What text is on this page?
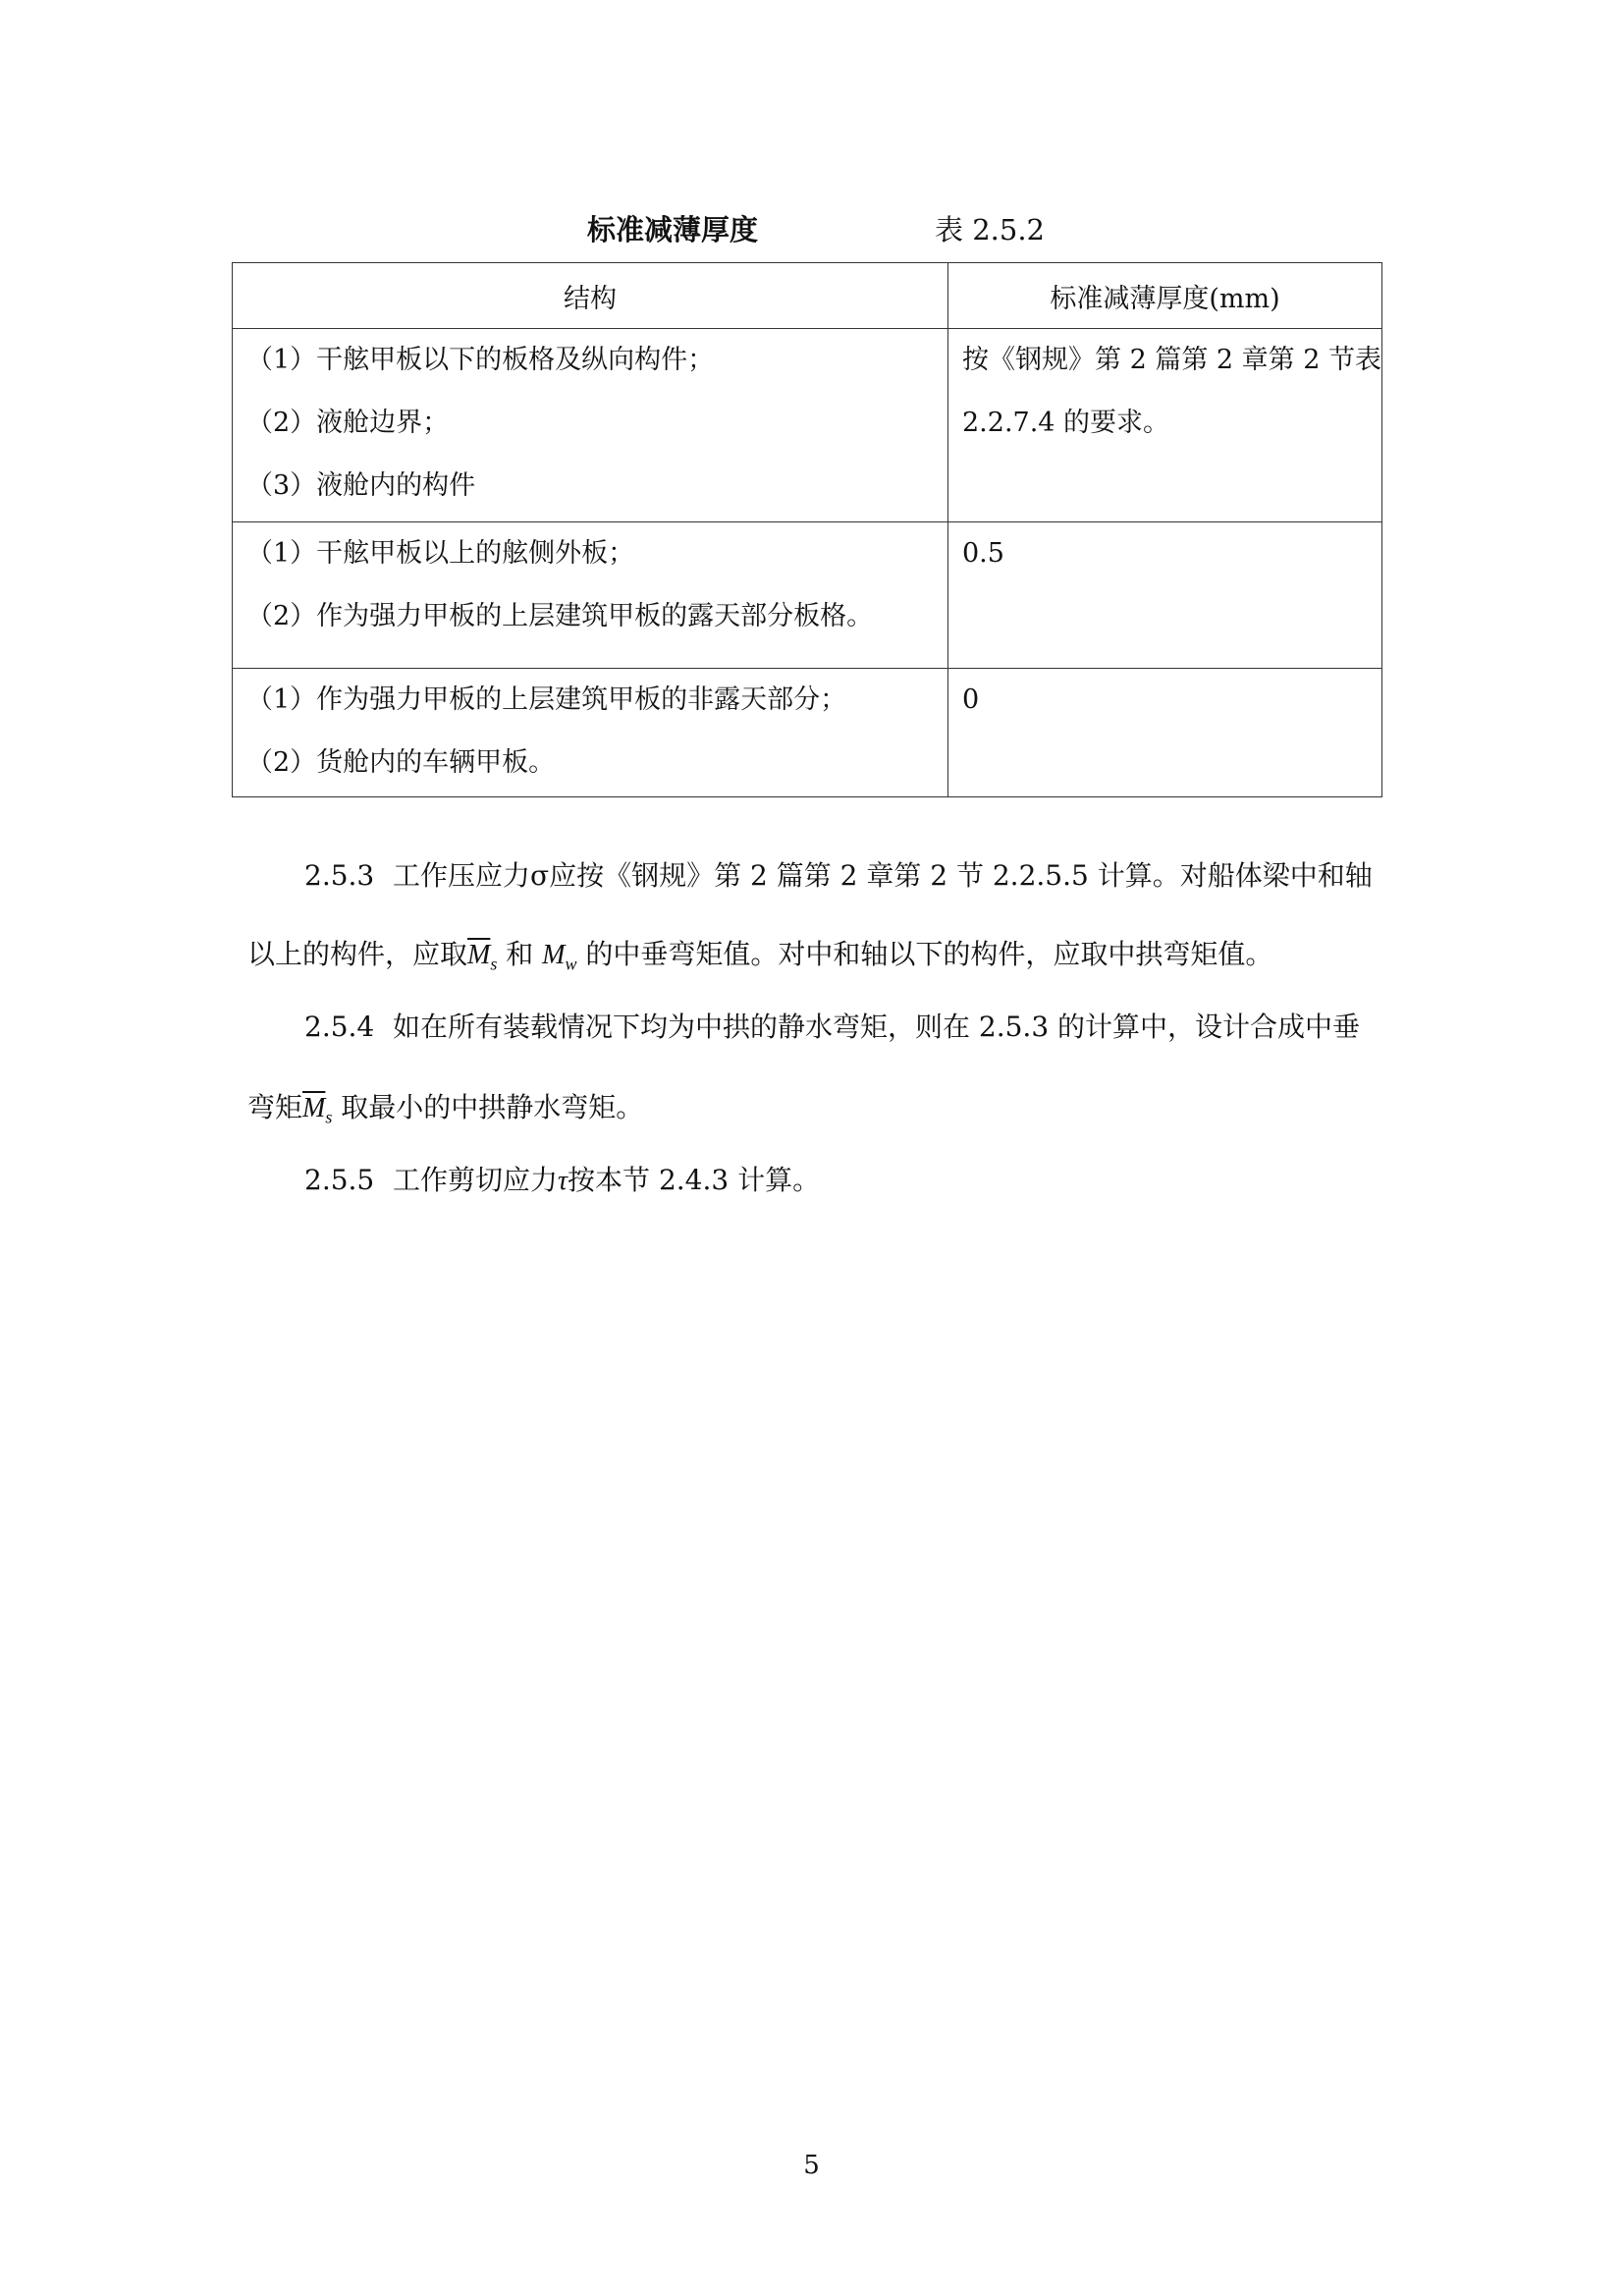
标准减薄厚度	表 2.5.2
结构	标准减薄厚度(mm)

（1）干舷甲板以下的板格及纵向构件；
（2）液舱边界；
（3）液舱内的构件	按《钢规》第 2 篇第 2 章第 2 节表
2.2.7.4 的要求。

（1）干舷甲板以上的舷侧外板；
（2）作为强力甲板的上层建筑甲板的露天部分板格。	0.5

（1）作为强力甲板的上层建筑甲板的非露天部分；
（2）货舱内的车辆甲板。	0
2.5.3 工作压应力σ应按《钢规》第 2 篇第 2 章第 2 节 2.2.5.5 计算。对船体梁中和轴
以上的构件，应取$\overline{M}_s$ 和 $M_w$ 的中垂弯矩值。对中和轴以下的构件，应取中拱弯矩值。
2.5.4 如在所有装载情况下均为中拱的静水弯矩，则在 2.5.3 的计算中，设计合成中垂
弯矩$\overline{M}_s$ 取最小的中拱静水弯矩。
2.5.5 工作剪切应力τ按本节 2.4.3 计算。
5
